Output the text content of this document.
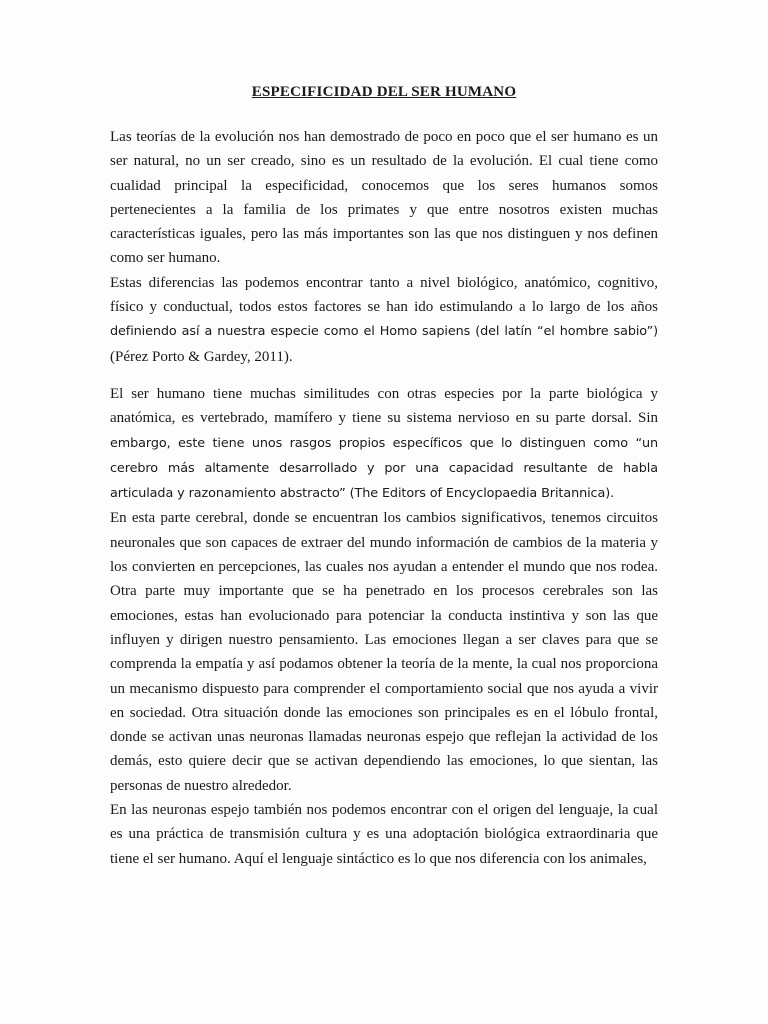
ESPECIFICIDAD DEL SER HUMANO

Las teorías de la evolución nos han demostrado de poco en poco que el ser humano es un ser natural, no un ser creado, sino es un resultado de la evolución. El cual tiene como cualidad principal la especificidad, conocemos que los seres humanos somos pertenecientes a la familia de los primates y que entre nosotros existen muchas características iguales, pero las más importantes son las que nos distinguen y nos definen como ser humano.

Estas diferencias las podemos encontrar tanto a nivel biológico, anatómico, cognitivo, físico y conductual, todos estos factores se han ido estimulando a lo largo de los años definiendo así a nuestra especie como el Homo sapiens (del latín “el hombre sabio”) (Pérez Porto & Gardey, 2011).

El ser humano tiene muchas similitudes con otras especies por la parte biológica y anatómica, es vertebrado, mamífero y tiene su sistema nervioso en su parte dorsal. Sin embargo, este tiene unos rasgos propios específicos que lo distinguen como “un cerebro más altamente desarrollado y por una capacidad resultante de habla articulada y razonamiento abstracto” (The Editors of Encyclopaedia Britannica).

En esta parte cerebral, donde se encuentran los cambios significativos, tenemos circuitos neuronales que son capaces de extraer del mundo información de cambios de la materia y los convierten en percepciones, las cuales nos ayudan a entender el mundo que nos rodea. Otra parte muy importante que se ha penetrado en los procesos cerebrales son las emociones, estas han evolucionado para potenciar la conducta instintiva y son las que influyen y dirigen nuestro pensamiento. Las emociones llegan a ser claves para que se comprenda la empatía y así podamos obtener la teoría de la mente, la cual nos proporciona un mecanismo dispuesto para comprender el comportamiento social que nos ayuda a vivir en sociedad. Otra situación donde las emociones son principales es en el lóbulo frontal, donde se activan unas neuronas llamadas neuronas espejo que reflejan la actividad de los demás, esto quiere decir que se activan dependiendo las emociones, lo que sientan, las personas de nuestro alrededor.

En las neuronas espejo también nos podemos encontrar con el origen del lenguaje, la cual es una práctica de transmisión cultura y es una adoptación biológica extraordinaria que tiene el ser humano. Aquí el lenguaje sintáctico es lo que nos diferencia con los animales,
